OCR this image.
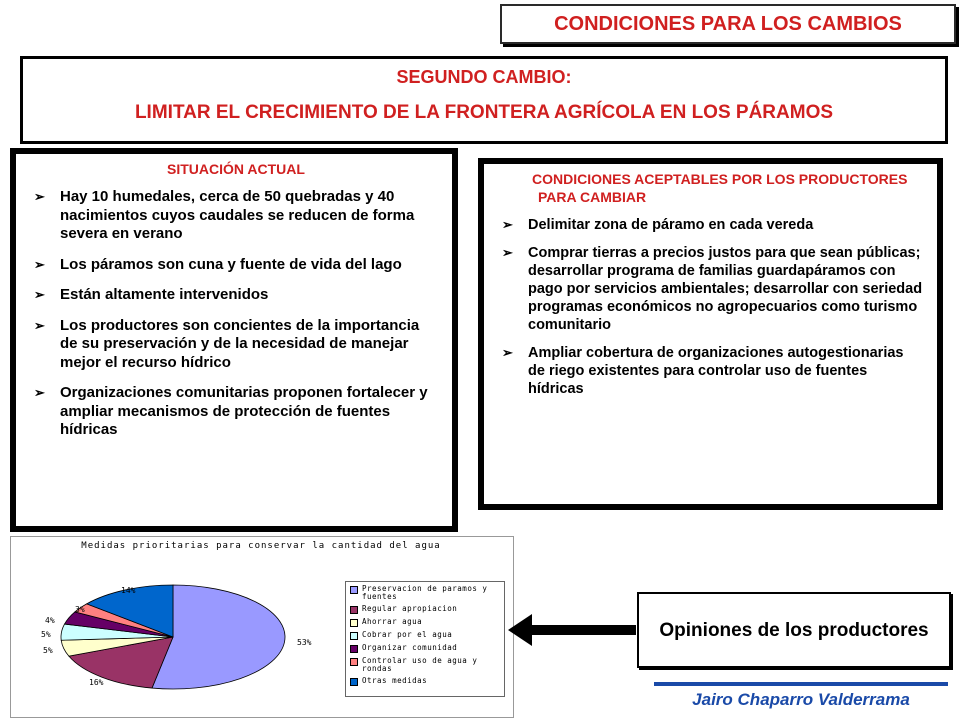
CONDICIONES PARA LOS CAMBIOS
SEGUNDO CAMBIO:
LIMITAR EL CRECIMIENTO DE LA FRONTERA AGRÍCOLA EN LOS PÁRAMOS
SITUACIÓN ACTUAL
➢ Hay 10 humedales, cerca de 50 quebradas y 40 nacimientos cuyos caudales se reducen de forma severa en verano
➢ Los páramos son cuna y fuente de vida del lago
➢ Están altamente intervenidos
➢ Los productores son concientes de la importancia de su preservación y de la necesidad de manejar mejor el recurso hídrico
➢ Organizaciones comunitarias proponen fortalecer y ampliar mecanismos de protección de fuentes hídricas
CONDICIONES ACEPTABLES POR LOS PRODUCTORES PARA CAMBIAR
➢ Delimitar zona de páramo en cada vereda
➢ Comprar tierras a precios justos para que sean públicas; desarrollar programa de familias guardapáramos con pago por servicios ambientales; desarrollar con seriedad programas económicos no agropecuarios como turismo comunitario
➢ Ampliar cobertura de organizaciones autogestionarias de riego existentes para controlar uso de fuentes hídricas
Medidas prioritarias para conservar la cantidad del agua
53%
16%
5%
5%
4%
3%
14%	Preservacion de paramos y fuentes
Regular apropiacion
Ahorrar agua
Cobrar por el agua
Organizar comunidad
Controlar uso de agua y rondas
Otras medidas
Opiniones de los productores
Jairo Chaparro Valderrama
